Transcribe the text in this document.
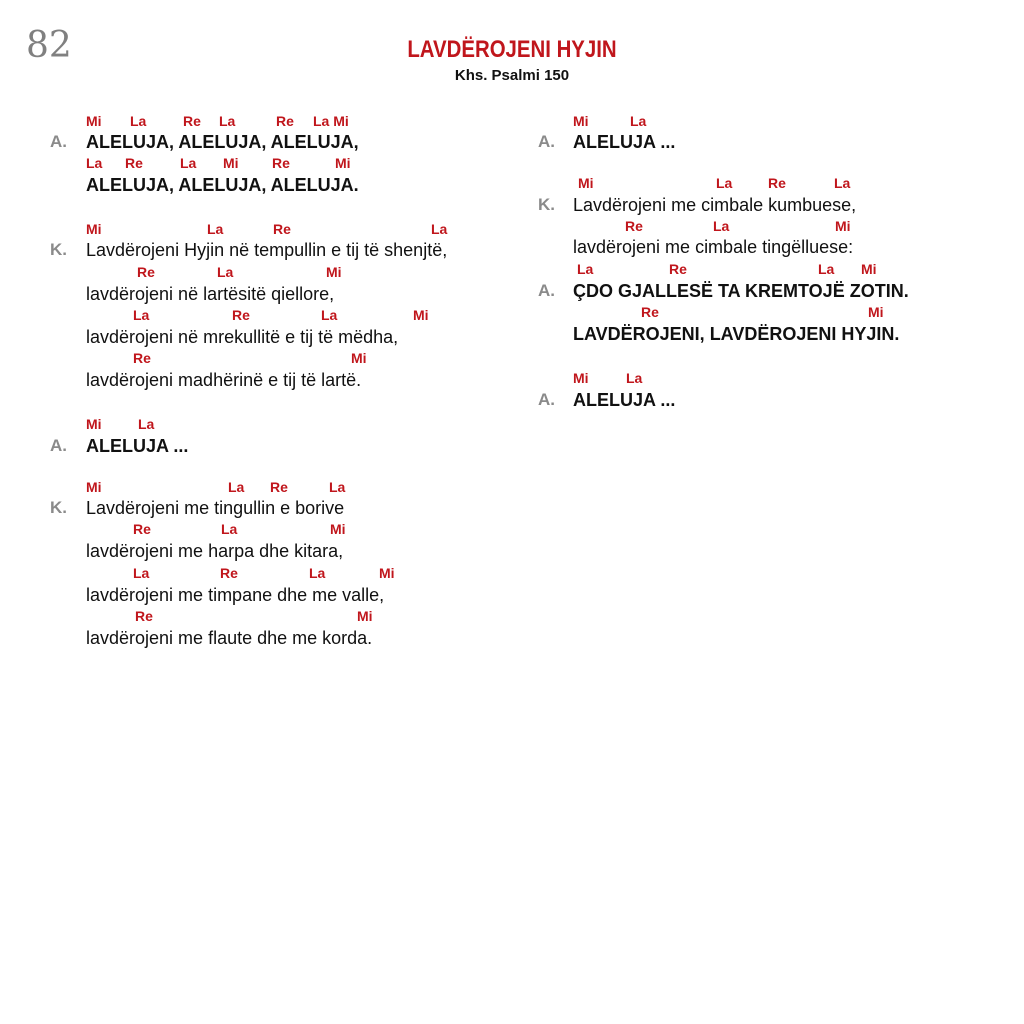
82	LAVDËROJENI HYJIN
Khs. Psalmi 150
Mi La	Re La	Re La Mi
A. ALELUJA, ALELUJA, ALELUJA,
La Re	La Mi Re	Mi
ALELUJA, ALELUJA, ALELUJA.
Mi	La	Re	La
K. Lavdërojeni Hyjin në tempullin e tij të shenjtë,
Re	La	Mi
lavdërojeni në lartësitë qiellore,
La	Re	La	Mi
lavdërojeni në mrekullitë e tij të mëdha,
Re	Mi
lavdërojeni madhërinë e tij të lartë.
Mi	La
A. ALELUJA ...
Mi	La Re	La
K. Lavdërojeni me tingullin e borive
Re	La	Mi
lavdërojeni me harpa dhe kitara,
La	Re	La	Mi
lavdërojeni me timpane dhe me valle,
Re	Mi
lavdërojeni me flaute dhe me korda.
Mi	La
A. ALELUJA ...
Mi	La	Re	La
K. Lavdërojeni me cimbale kumbuese,
Re	La	Mi
lavdërojeni me cimbale tingëlluese:
La	Re	La Mi
A. ÇDO GJALLESË TA KREMTOJË ZOTIN.
Re	Mi
LAVDËROJENI, LAVDËROJENI HYJIN.
Mi	La
A. ALELUJA ...
